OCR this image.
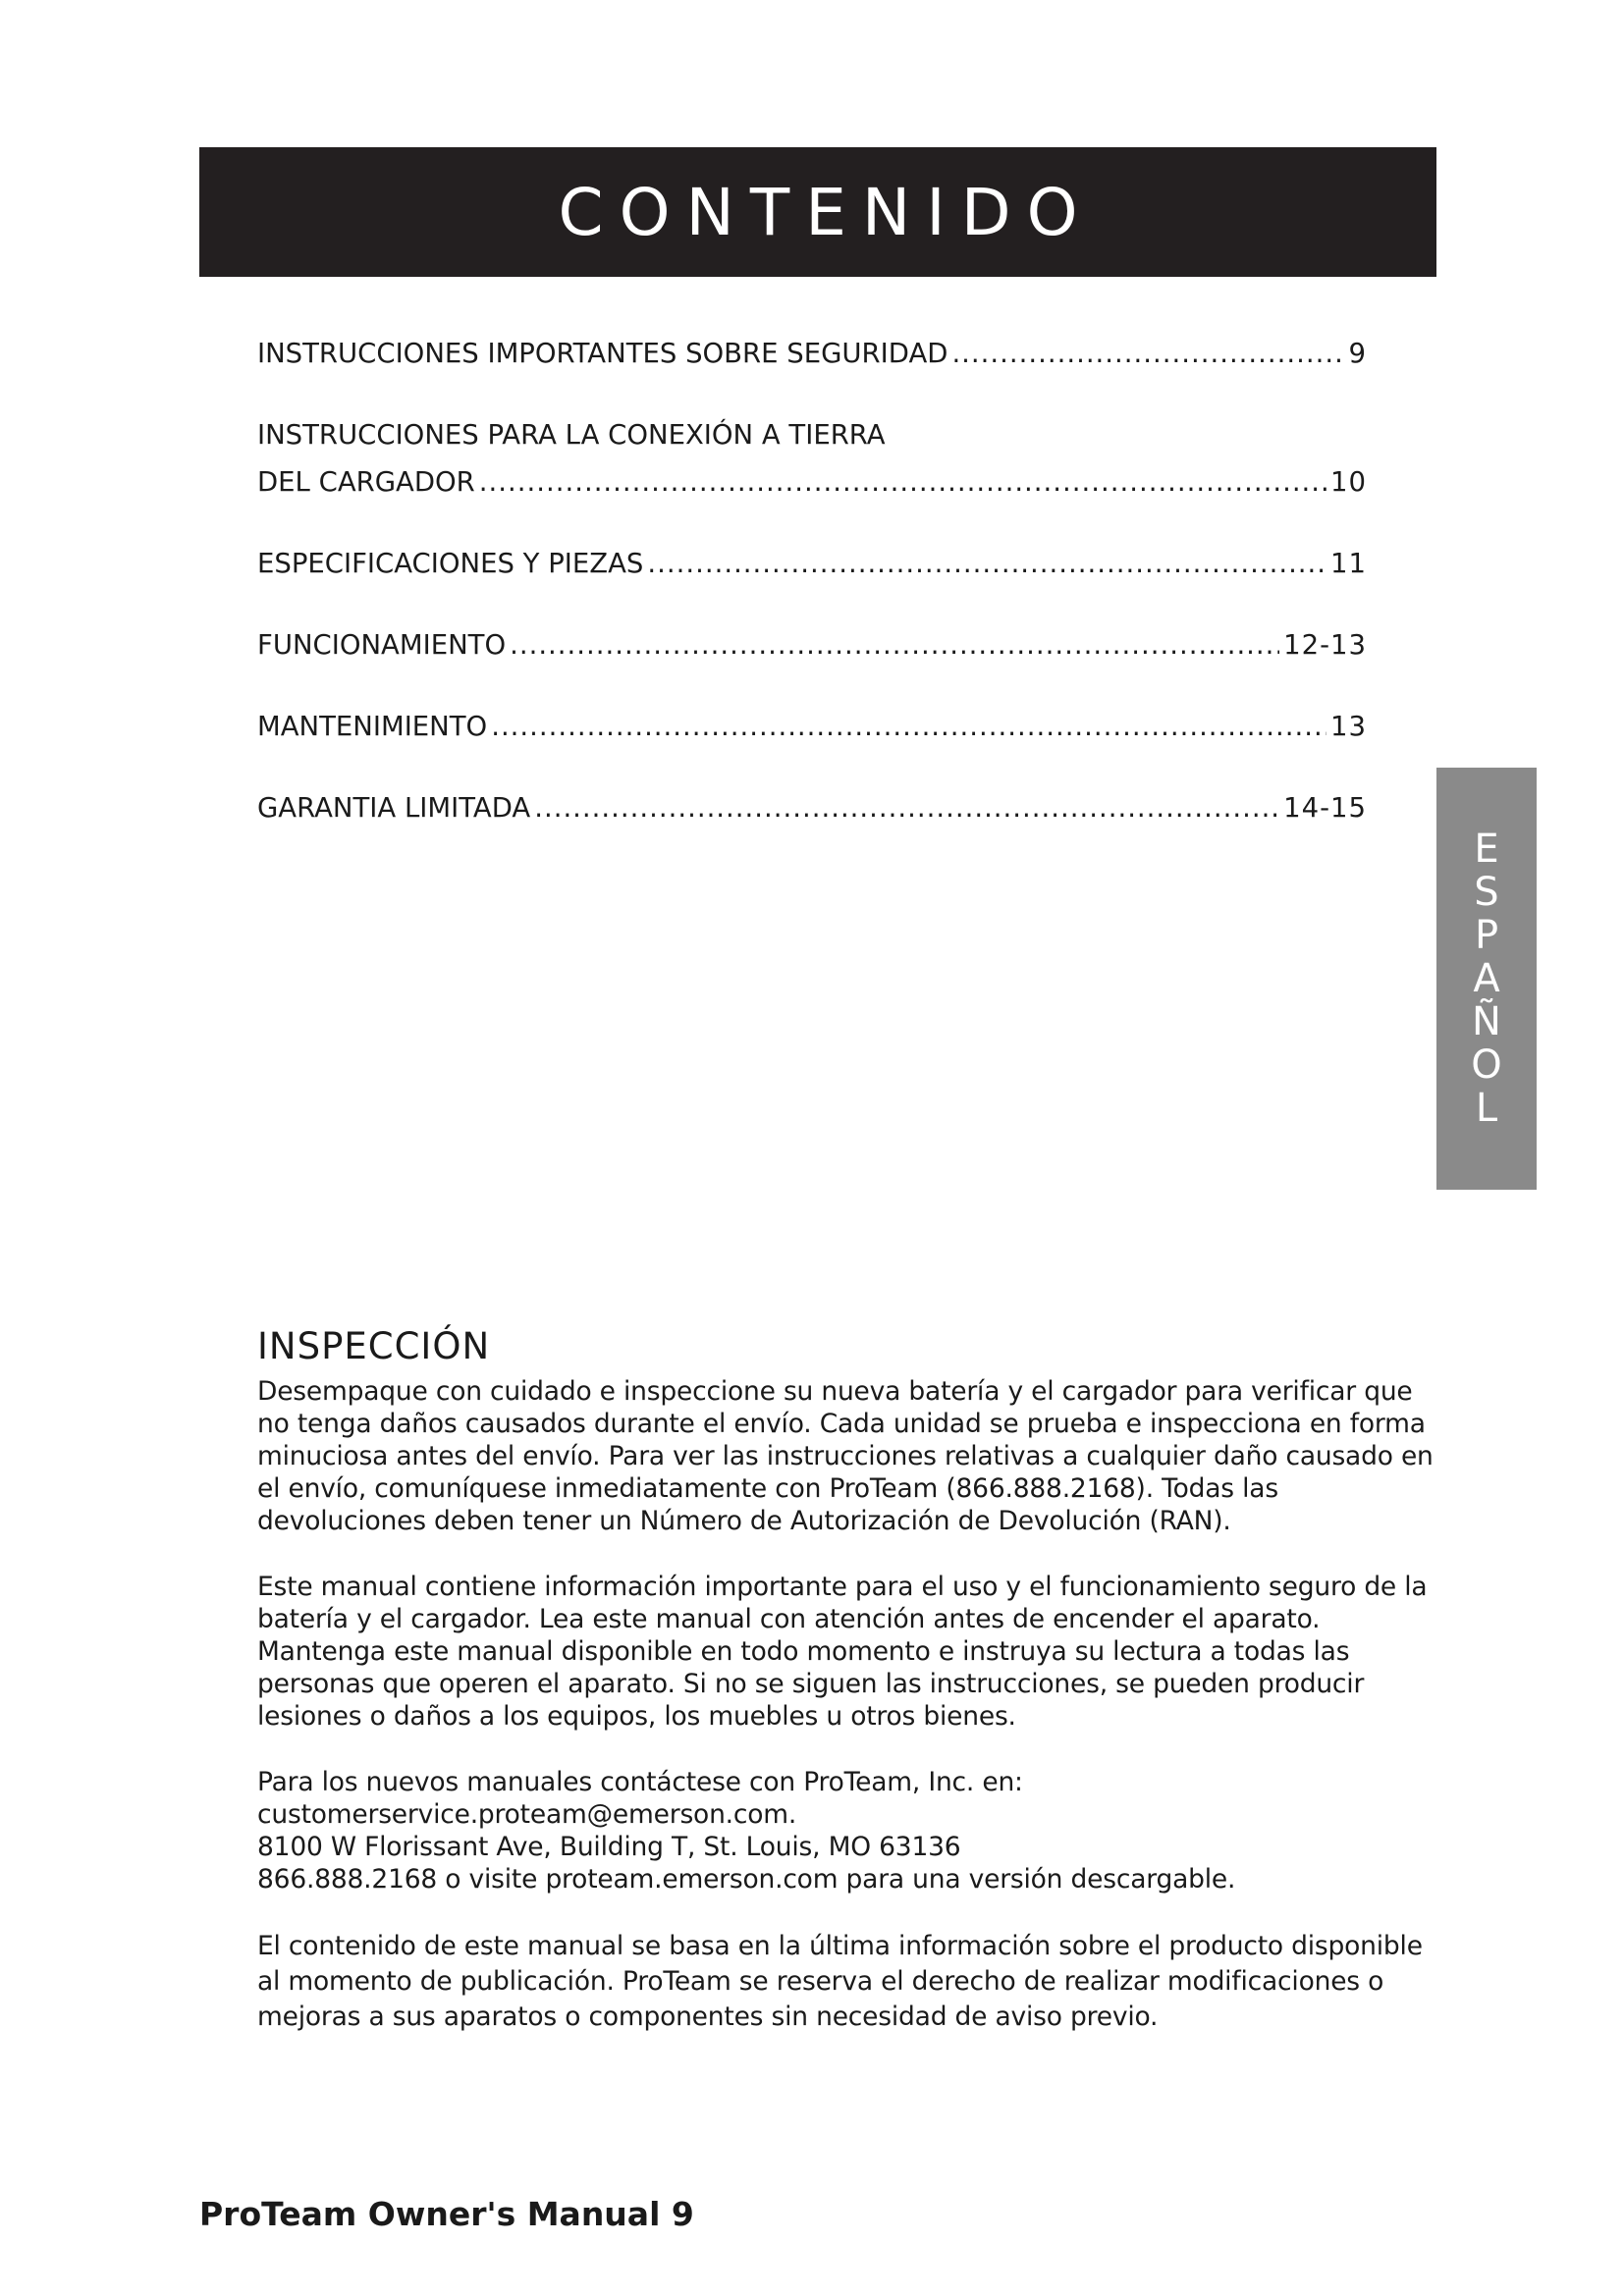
CONTENIDO
INSTRUCCIONES IMPORTANTES SOBRE SEGURIDAD .....	9
INSTRUCCIONES PARA LA CONEXIÓN A TIERRA
DEL CARGADOR .....	10
ESPECIFICACIONES Y PIEZAS .....	11
FUNCIONAMIENTO .....	12-13
MANTENIMIENTO .....	13
GARANTIA LIMITADA .....	14-15
ESPAÑOL
INSPECCIÓN

Desempaque con cuidado e inspeccione su nueva batería y el cargador para verificar que no tenga daños causados durante el envío. Cada unidad se prueba e inspecciona en forma minuciosa antes del envío. Para ver las instrucciones relativas a cualquier daño causado en el envío, comuníquese inmediatamente con ProTeam (866.888.2168). Todas las devoluciones deben tener un Número de Autorización de Devolución (RAN).

Este manual contiene información importante para el uso y el funcionamiento seguro de la batería y el cargador. Lea este manual con atención antes de encender el aparato. Mantenga este manual disponible en todo momento e instruya su lectura a todas las personas que operen el aparato. Si no se siguen las instrucciones, se pueden producir lesiones o daños a los equipos, los muebles u otros bienes.

Para los nuevos manuales contáctese con ProTeam, Inc. en:
customerservice.proteam@emerson.com.
8100 W Florissant Ave, Building T, St. Louis, MO 63136
866.888.2168 o visite proteam.emerson.com para una versión descargable.

El contenido de este manual se basa en la última información sobre el producto disponible al momento de publicación. ProTeam se reserva el derecho de realizar modificaciones o mejoras a sus aparatos o componentes sin necesidad de aviso previo.

ProTeam Owner's Manual 9
